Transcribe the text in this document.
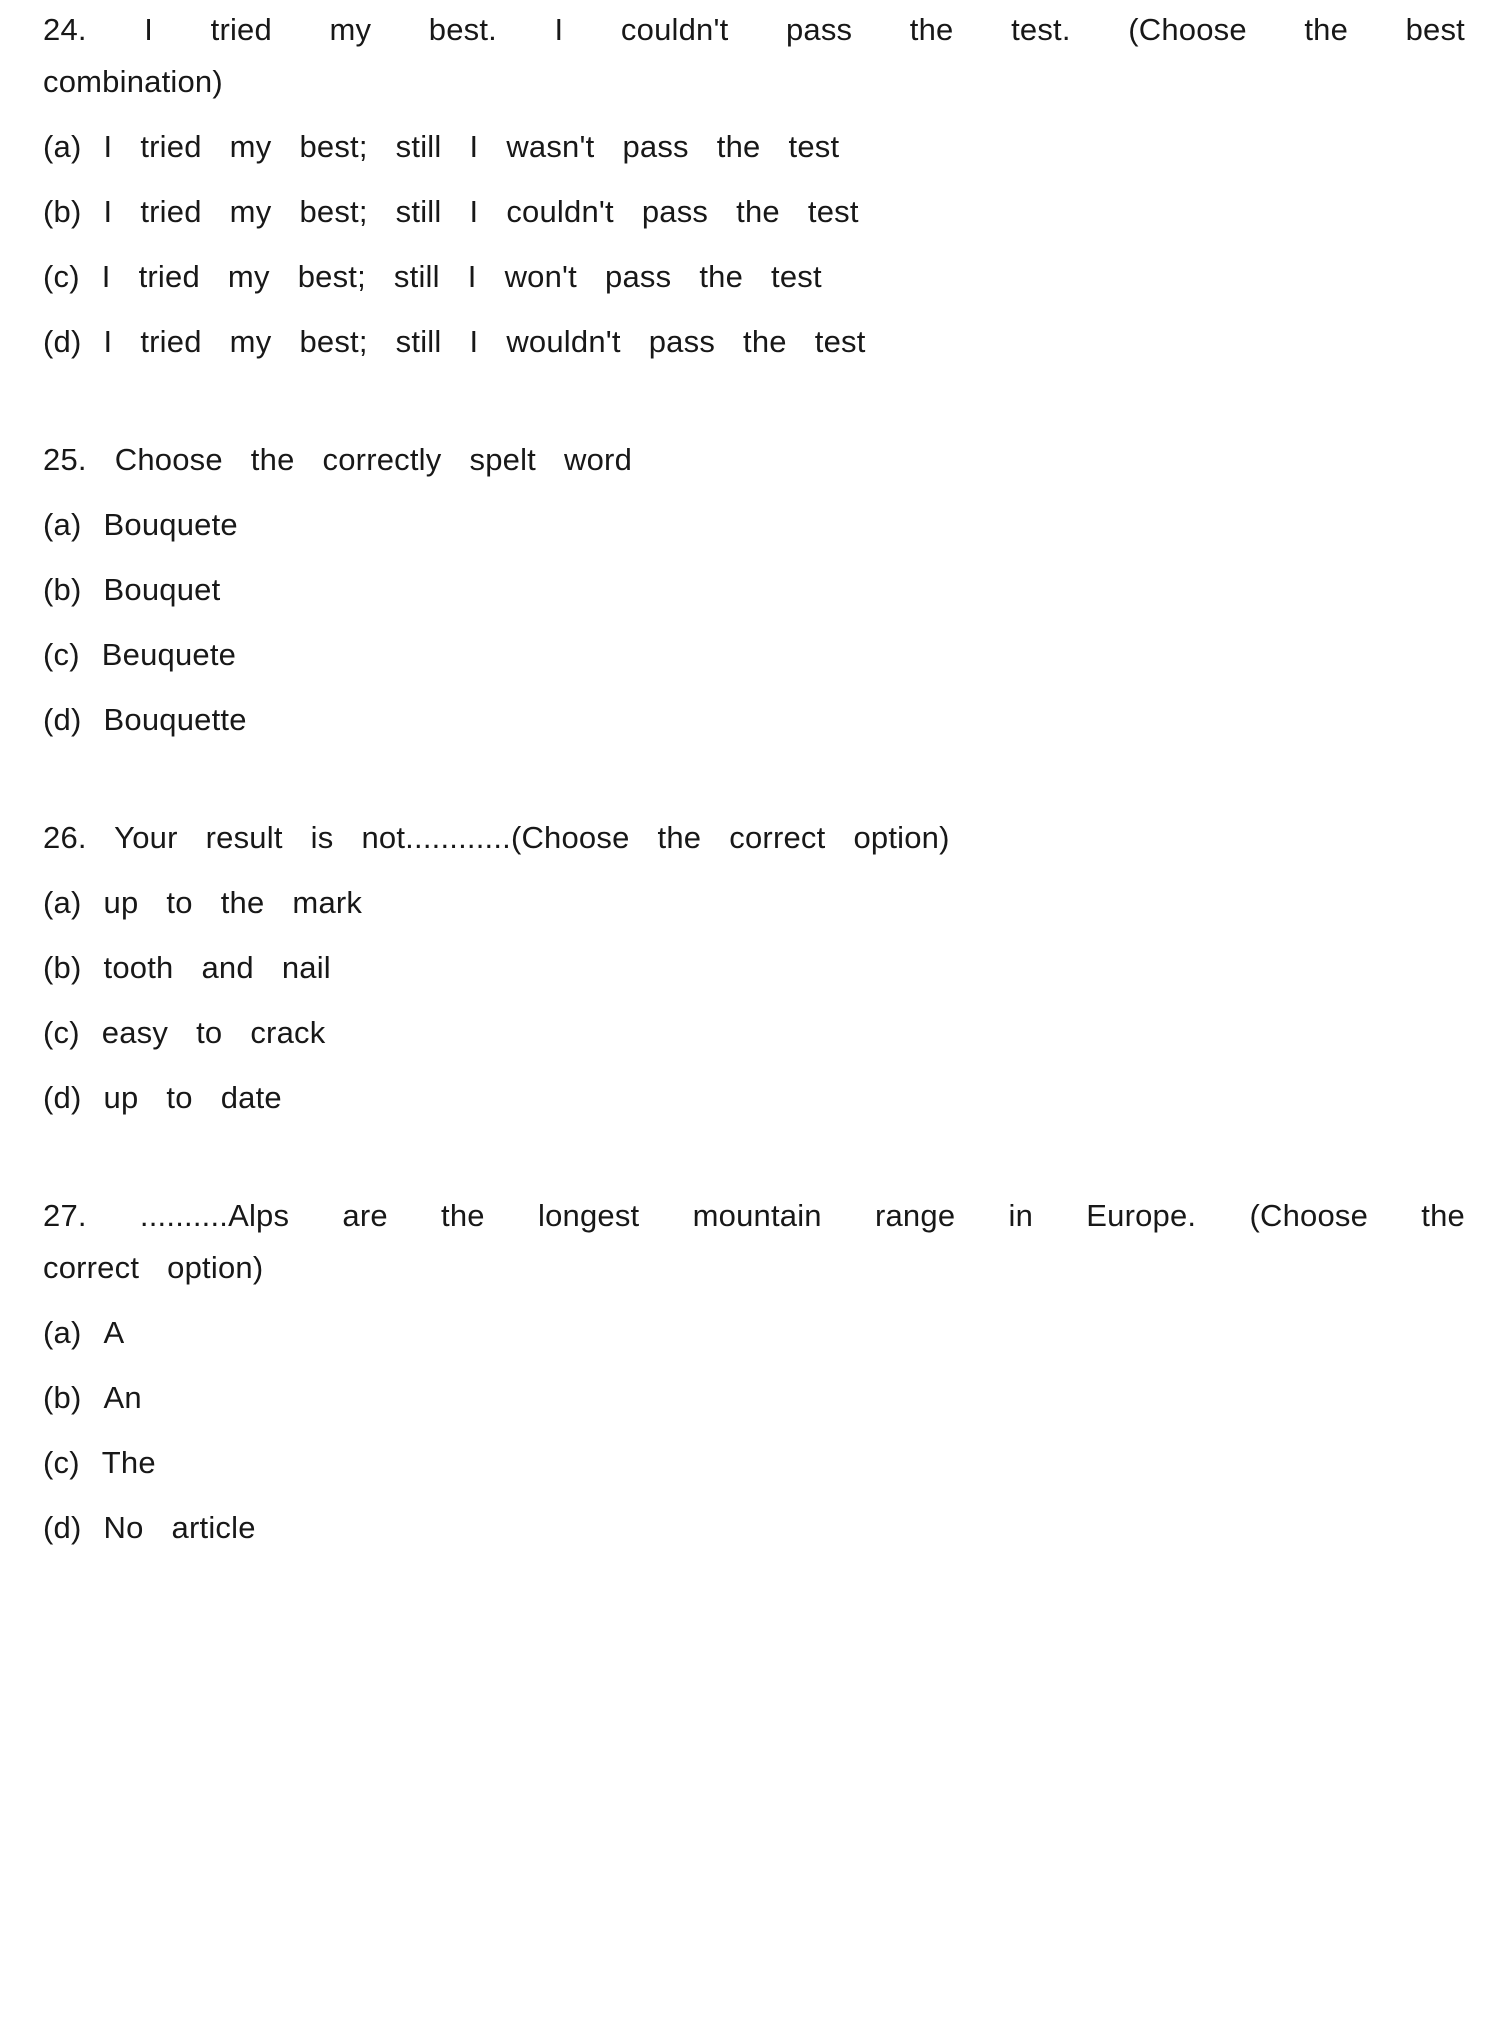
24. I tried my best. I couldn't pass the test. (Choose the best
combination)
(a) I tried my best; still I wasn't pass the test
(b) I tried my best; still I couldn't pass the test
(c) I tried my best; still I won't pass the test
(d) I tried my best; still I wouldn't pass the test
25. Choose the correctly spelt word
(a) Bouquete
(b) Bouquet
(c) Beuquete
(d) Bouquette
26. Your result is not............(Choose the correct option)
(a) up to the mark
(b) tooth and nail
(c) easy to crack
(d) up to date
27. ..........Alps are the longest mountain range in Europe. (Choose the
correct option)
(a) A
(b) An
(c) The
(d) No article
